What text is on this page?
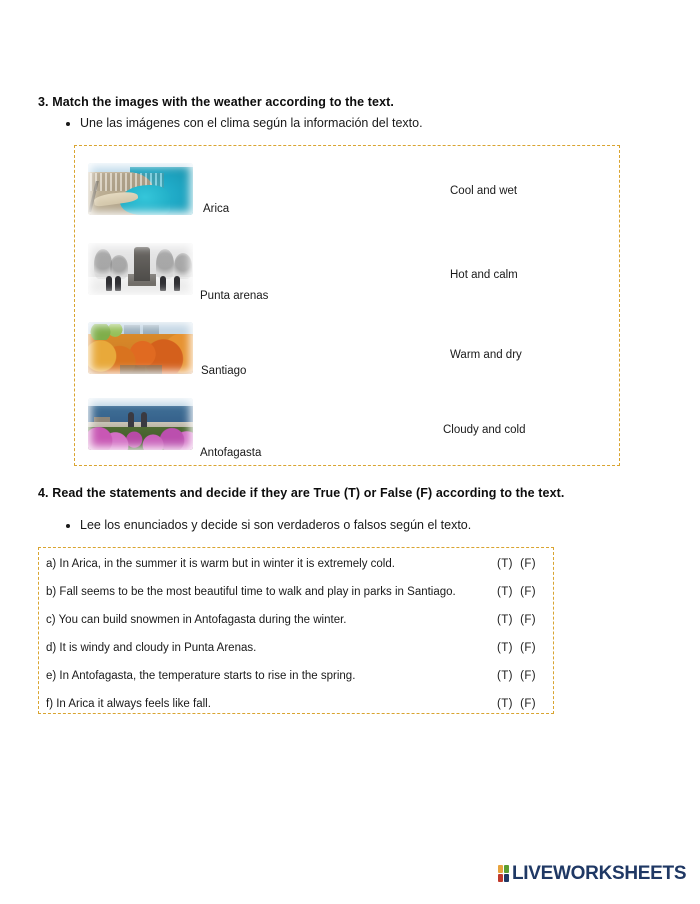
3. Match the images with the weather according to the text.
Une las imágenes con el clima según la información del texto.
Arica
Cool and wet
Punta arenas
Hot and calm
Santiago
Warm and dry
Antofagasta
Cloudy and cold
4. Read the statements and decide if they are True (T) or False (F) according to the text.
Lee los enunciados y decide si son verdaderos o falsos según el texto.
a) In Arica, in the summer it is warm but in winter it is extremely cold.	(T) (F)
b) Fall seems to be the most beautiful time to walk and play in parks in Santiago.	(T) (F)
c) You can build snowmen in Antofagasta during the winter.	(T) (F)
d) It is windy and cloudy in Punta Arenas.	(T) (F)
e) In Antofagasta, the temperature starts to rise in the spring.	(T) (F)
f) In Arica it always feels like fall.	(T) (F)
LIVEWORKSHEETS
